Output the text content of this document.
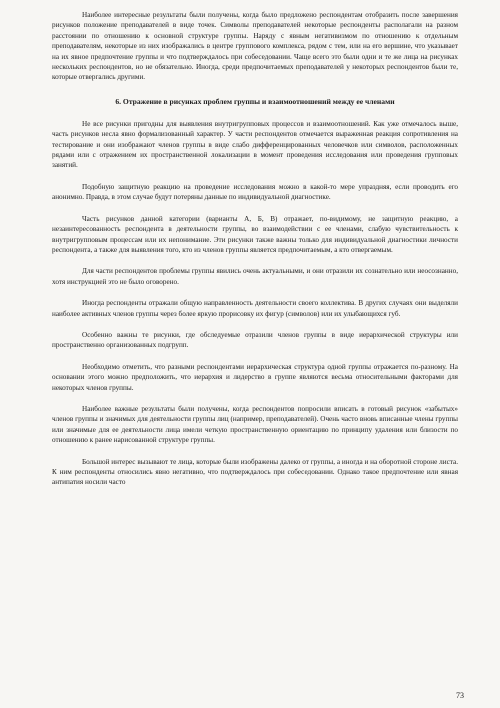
Наиболее интересные результаты были получены, когда было предложено респондентам отобразить после завершения рисунков положение преподавателей в виде точек. Символы преподавателей некоторые респонденты располагали на разном расстоянии по отношению к основной структуре группы. Наряду с явным негативизмом по отношению к отдельным преподавателям, некоторые из них изображались в центре группового комплекса, рядом с тем, или на его вершине, что указывает на их явное предпочтение группы и что подтверждалось при собеседовании. Чаще всего это были одни и те же лица на рисунках нескольких респондентов, но не обязательно. Иногда, среди предпочитаемых преподавателей у некоторых респондентов были те, которые отвергались другими.

6. Отражение в рисунках проблем группы и взаимоотношений между ее членами

Не все рисунки пригодны для выявления внутригрупповых процессов и взаимоотношений. Как уже отмечалось выше, часть рисунков несла явно формализованный характер. У части респондентов отмечается выраженная реакция сопротивления на тестирование и они изображают членов группы в виде слабо дифференцированных человечков или символов, расположенных рядами или с отражением их пространственной локализации в момент проведения исследования или проведения групповых занятий.

Подобную защитную реакцию на проведение исследования можно в какой-то мере упраздняя, если проводить его анонимно. Правда, в этом случае будут потеряны данные по индивидуальной диагностике.

Часть рисунков данной категории (варианты А, Б, В) отражает, по-видимому, не защитную реакцию, а незаинтересованность респондента в деятельности группы, во взаимодействии с ее членами, слабую чувствительность к внутригрупповым процессам или их непонимание. Эти рисунки также важны только для индивидуальной диагностики личности респондента, а также для выявления того, кто из членов группы является предпочитаемым, а кто отвергаемым.

Для части респондентов проблемы группы явились очень актуальными, и они отразили их сознательно или неосознанно, хотя инструкцией это не было оговорено.

Иногда респонденты отражали общую направленность деятельности своего коллектива. В других случаях они выделяли наиболее активных членов группы через более яркую прорисовку их фигур (символов) или их улыбающихся губ.

Особенно важны те рисунки, где обследуемые отразили членов группы в виде иерархической структуры или пространственно организованных подгрупп.

Необходимо отметить, что разными респондентами иерархическая структура одной группы отражается по-разному. На основании этого можно предположить, что иерархия и лидерство в группе являются весьма относительными факторами для некоторых членов группы.

Наиболее важные результаты были получены, когда респондентов попросили вписать в готовый рисунок «забытых» членов группы и значимых для деятельности группы лиц (например, преподавателей). Очень часто вновь вписанные члены группы или значимые для ее деятельности лица имели четкую пространственную ориентацию по принципу удаления или близости по отношению к ранее нарисованной структуре группы.

Большой интерес вызывают те лица, которые были изображены далеко от группы, а иногда и на оборотной стороне листа. К ним респонденты относились явно негативно, что подтверждалось при собеседовании. Однако такое предпочтение или явная антипатия носили часто

73
